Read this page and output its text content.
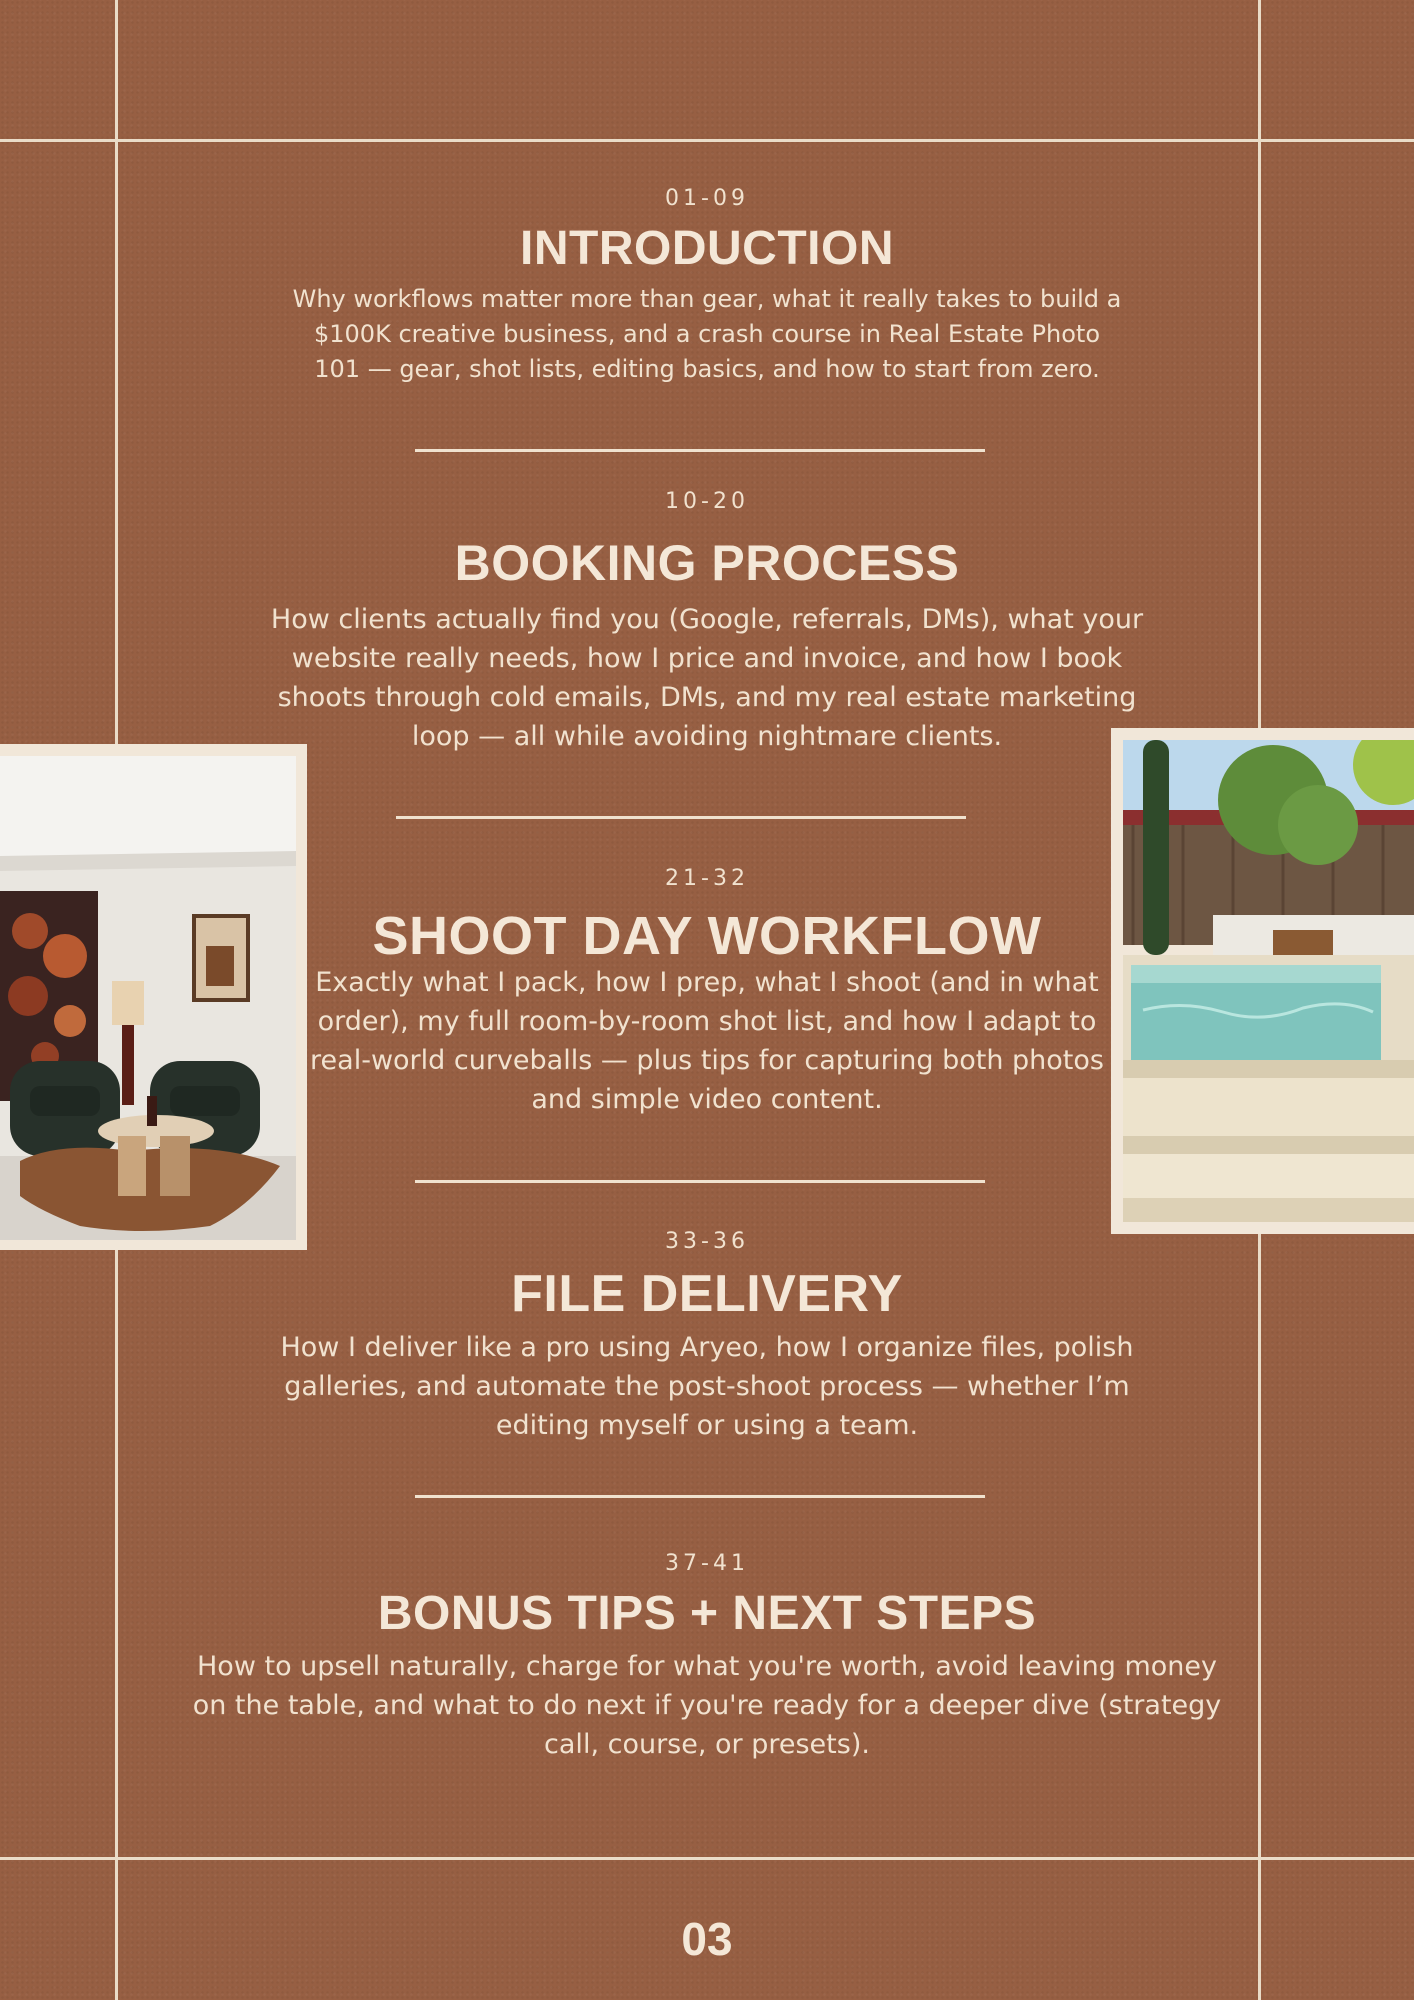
01-09

INTRODUCTION

Why workflows matter more than gear, what it really takes to build a $100K creative business, and a crash course in Real Estate Photo 101 — gear, shot lists, editing basics, and how to start from zero.

10-20

BOOKING PROCESS

How clients actually find you (Google, referrals, DMs), what your website really needs, how I price and invoice, and how I book shoots through cold emails, DMs, and my real estate marketing loop — all while avoiding nightmare clients.

21-32

SHOOT DAY WORKFLOW

Exactly what I pack, how I prep, what I shoot (and in what order), my full room-by-room shot list, and how I adapt to real-world curveballs — plus tips for capturing both photos and simple video content.

33-36

FILE DELIVERY

How I deliver like a pro using Aryeo, how I organize files, polish galleries, and automate the post-shoot process — whether I’m editing myself or using a team.

37-41

BONUS TIPS + NEXT STEPS

How to upsell naturally, charge for what you're worth, avoid leaving money on the table, and what to do next if you're ready for a deeper dive (strategy call, course, or presets).

03
